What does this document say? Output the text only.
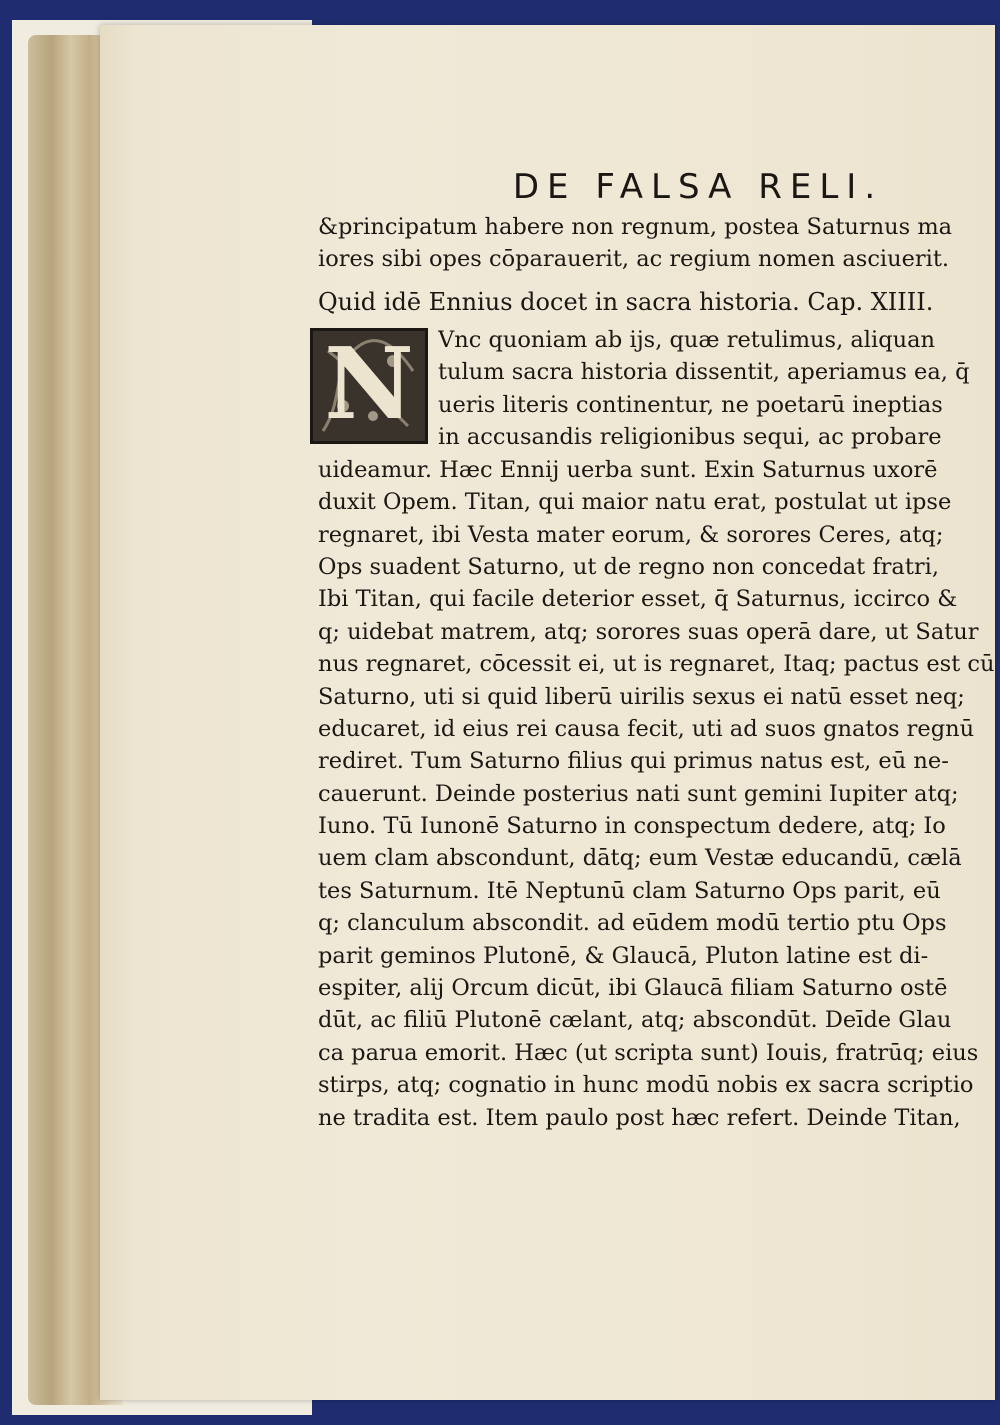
DE FALSA RELI.
&principatum habere non regnum, postea Saturnus ma
iores sibi opes cōparauerit, ac regium nomen asciuerit.
Quid idē Ennius docet in sacra historia. Cap. XIIII.
N	Vnc quoniam ab ijs, quæ retulimus, aliquan
tulum sacra historia dissentit, aperiamus ea, q̄
ueris literis continentur, ne poetarū ineptias
in accusandis religionibus sequi, ac probare
uideamur. Hæc Ennij uerba sunt. Exin Saturnus uxorē
duxit Opem. Titan, qui maior natu erat, postulat ut ipse
regnaret, ibi Vesta mater eorum, & sorores Ceres, atq;
Ops suadent Saturno, ut de regno non concedat fratri,
Ibi Titan, qui facile deterior esset, q̄ Saturnus, iccirco &
q; uidebat matrem, atq; sorores suas operā dare, ut Satur
nus regnaret, cōcessit ei, ut is regnaret, Itaq; pactus est cū
Saturno, uti si quid liberū uirilis sexus ei natū esset neq;
educaret, id eius rei causa fecit, uti ad suos gnatos regnū
rediret. Tum Saturno filius qui primus natus est, eū ne-
cauerunt. Deinde posterius nati sunt gemini Iupiter atq;
Iuno. Tū Iunonē Saturno in conspectum dedere, atq; Io
uem clam abscondunt, dātq; eum Vestæ educandū, cælā
tes Saturnum. Itē Neptunū clam Saturno Ops parit, eū
q; clanculum abscondit. ad eūdem modū tertio ptu Ops
parit geminos Plutonē, & Glaucā, Pluton latine est di-
espiter, alij Orcum dicūt, ibi Glaucā filiam Saturno ostē
dūt, ac filiū Plutonē cælant, atq; abscondūt. Deīde Glau
ca parua emorit. Hæc (ut scripta sunt) Iouis, fratrūq; eius
stirps, atq; cognatio in hunc modū nobis ex sacra scriptio
ne tradita est. Item paulo post hæc refert. Deinde Titan,
